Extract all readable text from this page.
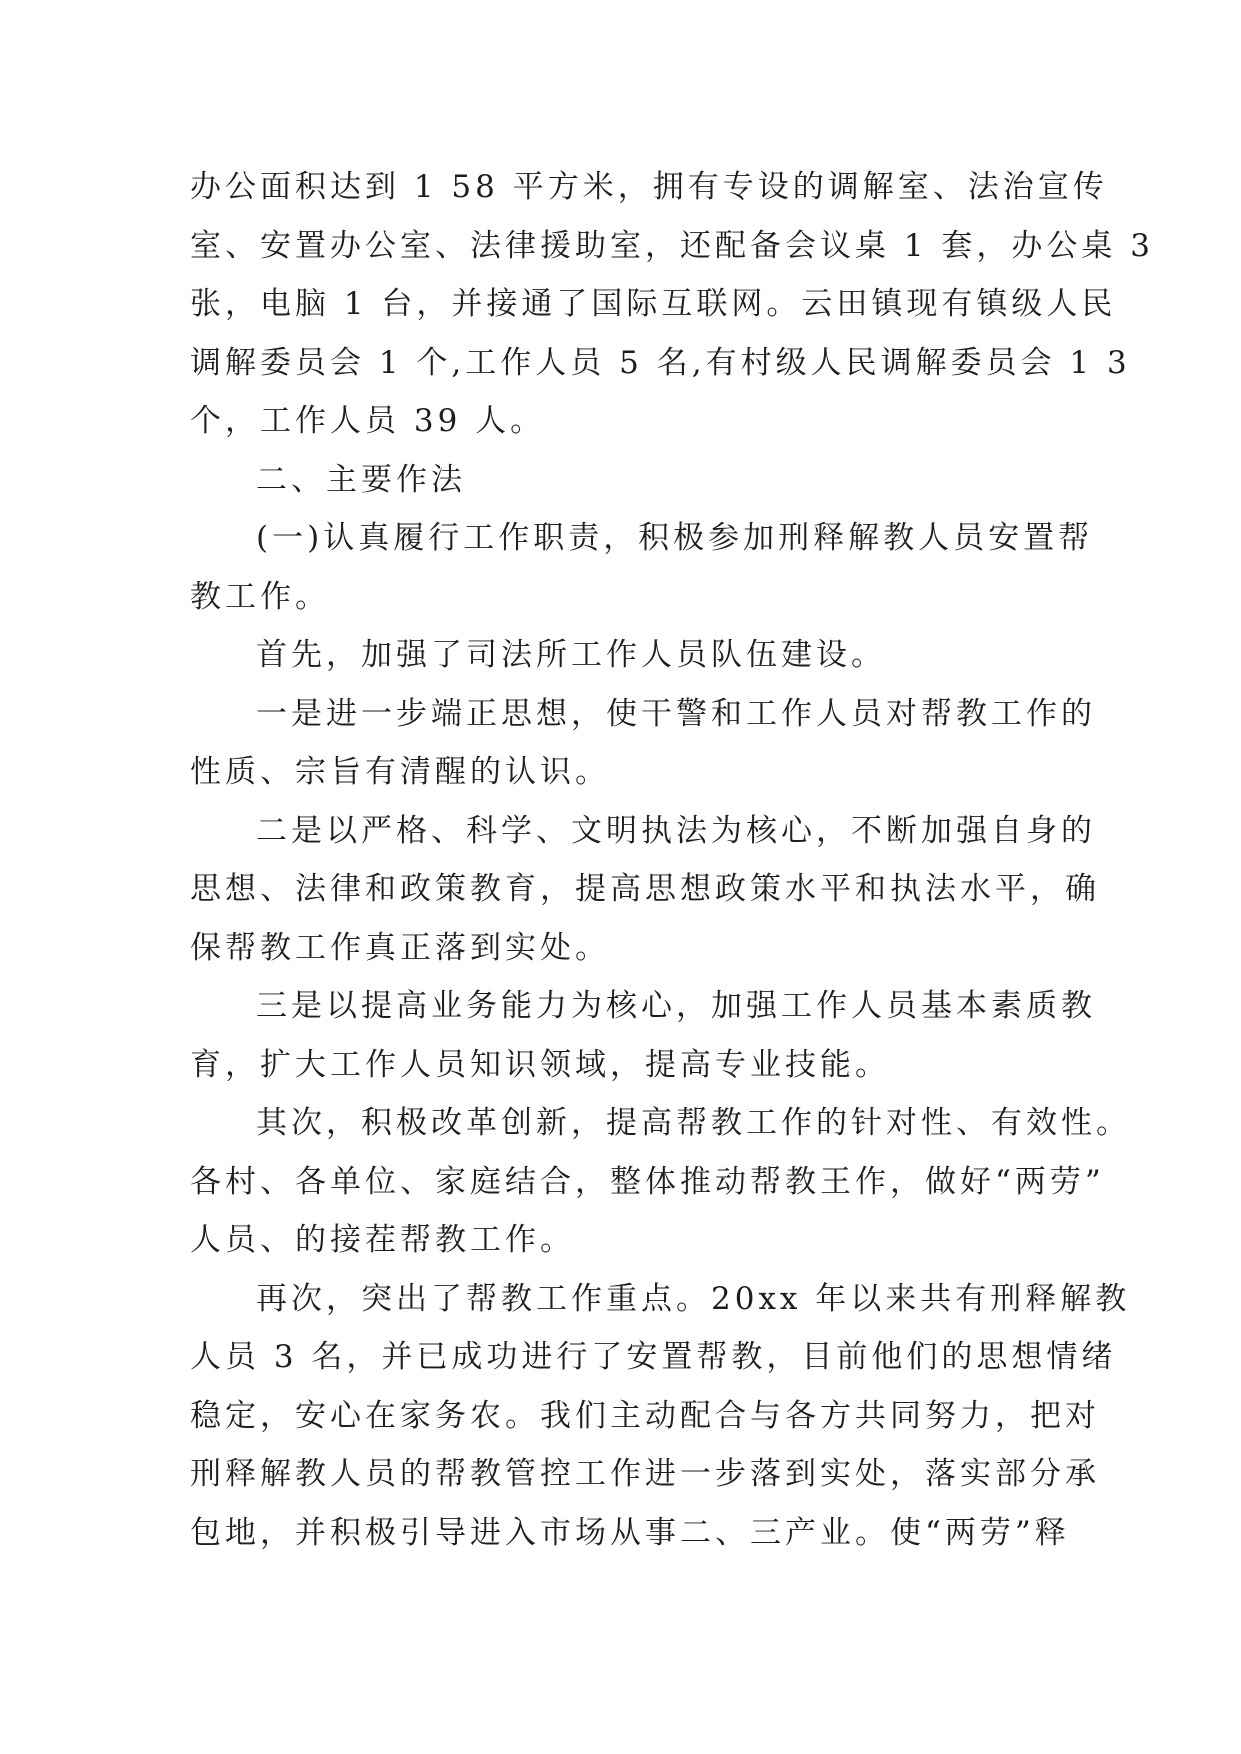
办公面积达到 1 58 平方米，拥有专设的调解室、法治宣传
室、安置办公室、法律援助室，还配备会议桌 1 套，办公桌 3
张，电脑 1 台，并接通了国际互联网。云田镇现有镇级人民
调解委员会 1 个,工作人员 5 名,有村级人民调解委员会 1 3
个，工作人员 39 人。
二、主要作法
(一)认真履行工作职责，积极参加刑释解教人员安置帮
教工作。
首先，加强了司法所工作人员队伍建设。
一是进一步端正思想，使干警和工作人员对帮教工作的
性质、宗旨有清醒的认识。
二是以严格、科学、文明执法为核心，不断加强自身的
思想、法律和政策教育，提高思想政策水平和执法水平，确
保帮教工作真正落到实处。
三是以提高业务能力为核心，加强工作人员基本素质教
育，扩大工作人员知识领域，提高专业技能。
其次，积极改革创新，提高帮教工作的针对性、有效性。
各村、各单位、家庭结合，整体推动帮教王作，做好“两劳”
人员、的接茬帮教工作。
再次，突出了帮教工作重点。20xx 年以来共有刑释解教
人员 3 名，并已成功进行了安置帮教，目前他们的思想情绪
稳定，安心在家务农。我们主动配合与各方共同努力，把对
刑释解教人员的帮教管控工作进一步落到实处，落实部分承
包地，并积极引导进入市场从事二、三产业。使“两劳”释
